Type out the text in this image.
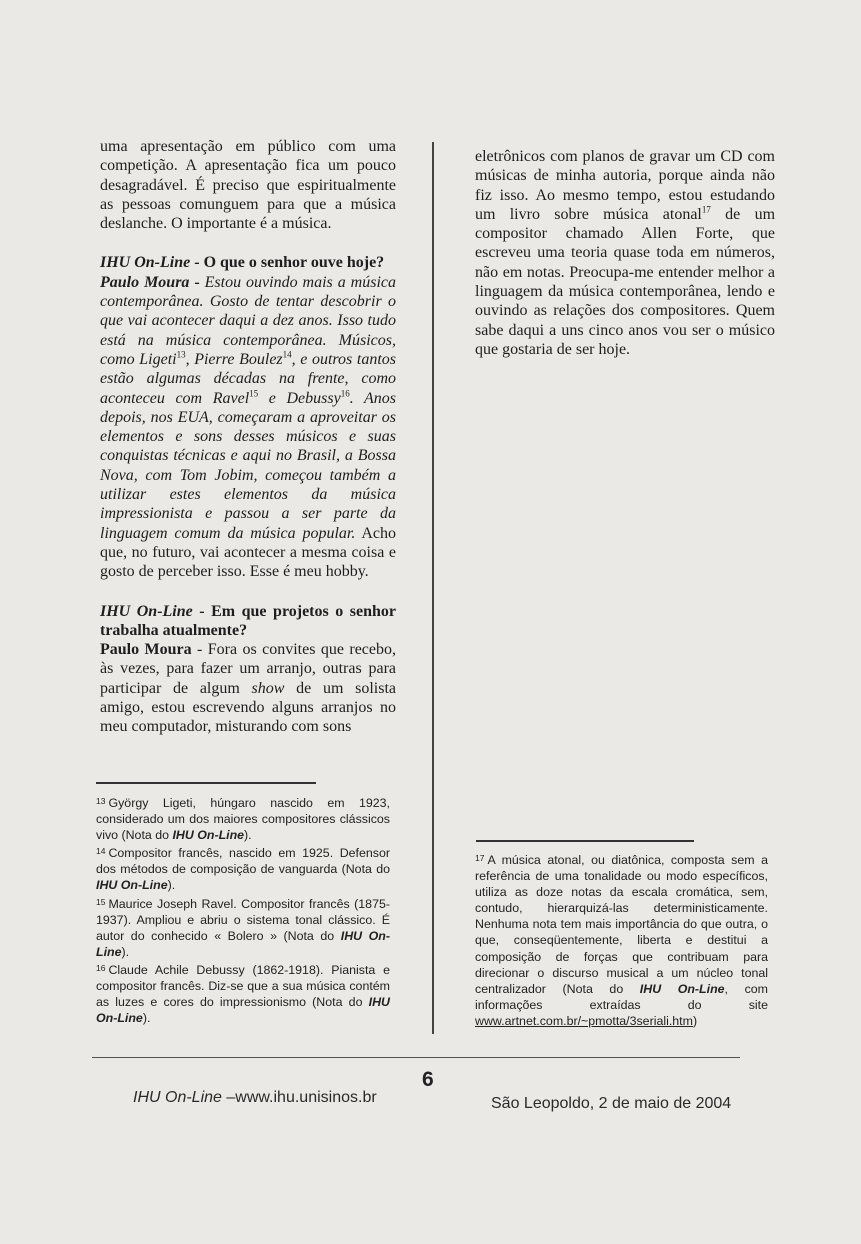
uma apresentação em público com uma competição. A apresentação fica um pouco desagradável. É preciso que espiritualmente as pessoas comunguem para que a música deslanche. O importante é a música.

IHU On-Line - O que o senhor ouve hoje?
Paulo Moura - Estou ouvindo mais a música contemporânea. Gosto de tentar descobrir o que vai acontecer daqui a dez anos. Isso tudo está na música contemporânea. Músicos, como Ligeti$^{13}$, Pierre Boulez$^{14}$, e outros tantos estão algumas décadas na frente, como aconteceu com Ravel$^{15}$ e Debussy$^{16}$. Anos depois, nos EUA, começaram a aproveitar os elementos e sons desses músicos e suas conquistas técnicas e aqui no Brasil, a Bossa Nova, com Tom Jobim, começou também a utilizar estes elementos da música impressionista e passou a ser parte da linguagem comum da música popular. Acho que, no futuro, vai acontecer a mesma coisa e gosto de perceber isso. Esse é meu hobby.

IHU On-Line - Em que projetos o senhor trabalha atualmente?
Paulo Moura - Fora os convites que recebo, às vezes, para fazer um arranjo, outras para participar de algum show de um solista amigo, estou escrevendo alguns arranjos no meu computador, misturando com sons

eletrônicos com planos de gravar um CD com músicas de minha autoria, porque ainda não fiz isso. Ao mesmo tempo, estou estudando um livro sobre música atonal$^{17}$ de um compositor chamado Allen Forte, que escreveu uma teoria quase toda em números, não em notas. Preocupa-me entender melhor a linguagem da música contemporânea, lendo e ouvindo as relações dos compositores. Quem sabe daqui a uns cinco anos vou ser o músico que gostaria de ser hoje.

$^{13}$ György Ligeti, húngaro nascido em 1923, considerado um dos maiores compositores clássicos vivo (Nota do IHU On-Line).

$^{14}$ Compositor francês, nascido em 1925. Defensor dos métodos de composição de vanguarda (Nota do IHU On-Line).

$^{15}$ Maurice Joseph Ravel. Compositor francês (1875-1937). Ampliou e abriu o sistema tonal clássico. É autor do conhecido « Bolero » (Nota do IHU On-Line).

$^{16}$ Claude Achile Debussy (1862-1918). Pianista e compositor francês. Diz-se que a sua música contém as luzes e cores do impressionismo (Nota do IHU On-Line).

$^{17}$ A música atonal, ou diatônica, composta sem a referência de uma tonalidade ou modo específicos, utiliza as doze notas da escala cromática, sem, contudo, hierarquizá-las deterministicamente. Nenhuma nota tem mais importância do que outra, o que, conseqüentemente, liberta e destitui a composição de forças que contribuam para direcionar o discurso musical a um núcleo tonal centralizador (Nota do IHU On-Line, com informações extraídas do site www.artnet.com.br/~pmotta/3seriali.htm)

6
IHU On-Line –www.ihu.unisinos.br	São Leopoldo, 2 de maio de 2004
